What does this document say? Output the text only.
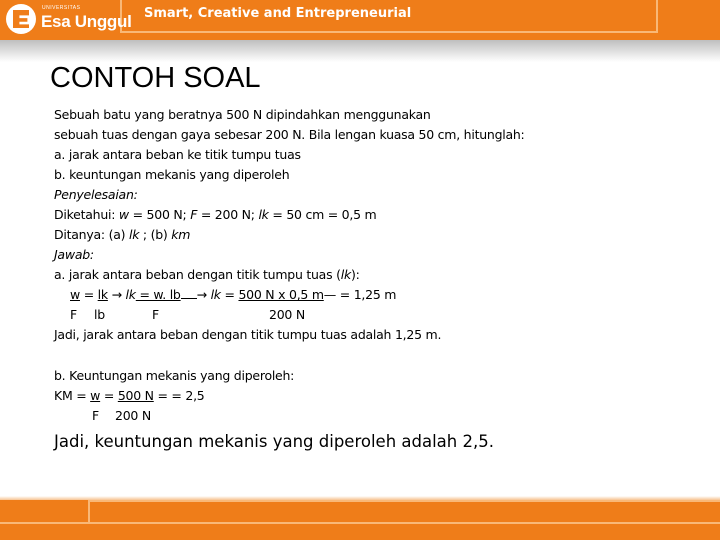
UNIVERSITAS
Esa Unggul Smart, Creative and Entrepreneurial
CONTOH SOAL
Sebuah batu yang beratnya 500 N dipindahkan menggunakan
sebuah tuas dengan gaya sebesar 200 N. Bila lengan kuasa 50 cm, hitunglah:
a. jarak antara beban ke titik tumpu tuas
b. keuntungan mekanis yang diperoleh
Penyelesaian:
Diketahui: w = 500 N; F = 200 N; lk = 50 cm = 0,5 m
Ditanya: (a) lk ; (b) km
Jawab:
a. jarak antara beban dengan titik tumpu tuas (lk):
w = lk → lk = w. lb → lk = 500 N x 0,5 m— = 1,25 m
F lb	F	200 N
Jadi, jarak antara beban dengan titik tumpu tuas adalah 1,25 m.
b. Keuntungan mekanis yang diperoleh:
KM = w = 500 N = = 2,5
F 200 N
Jadi, keuntungan mekanis yang diperoleh adalah 2,5.
